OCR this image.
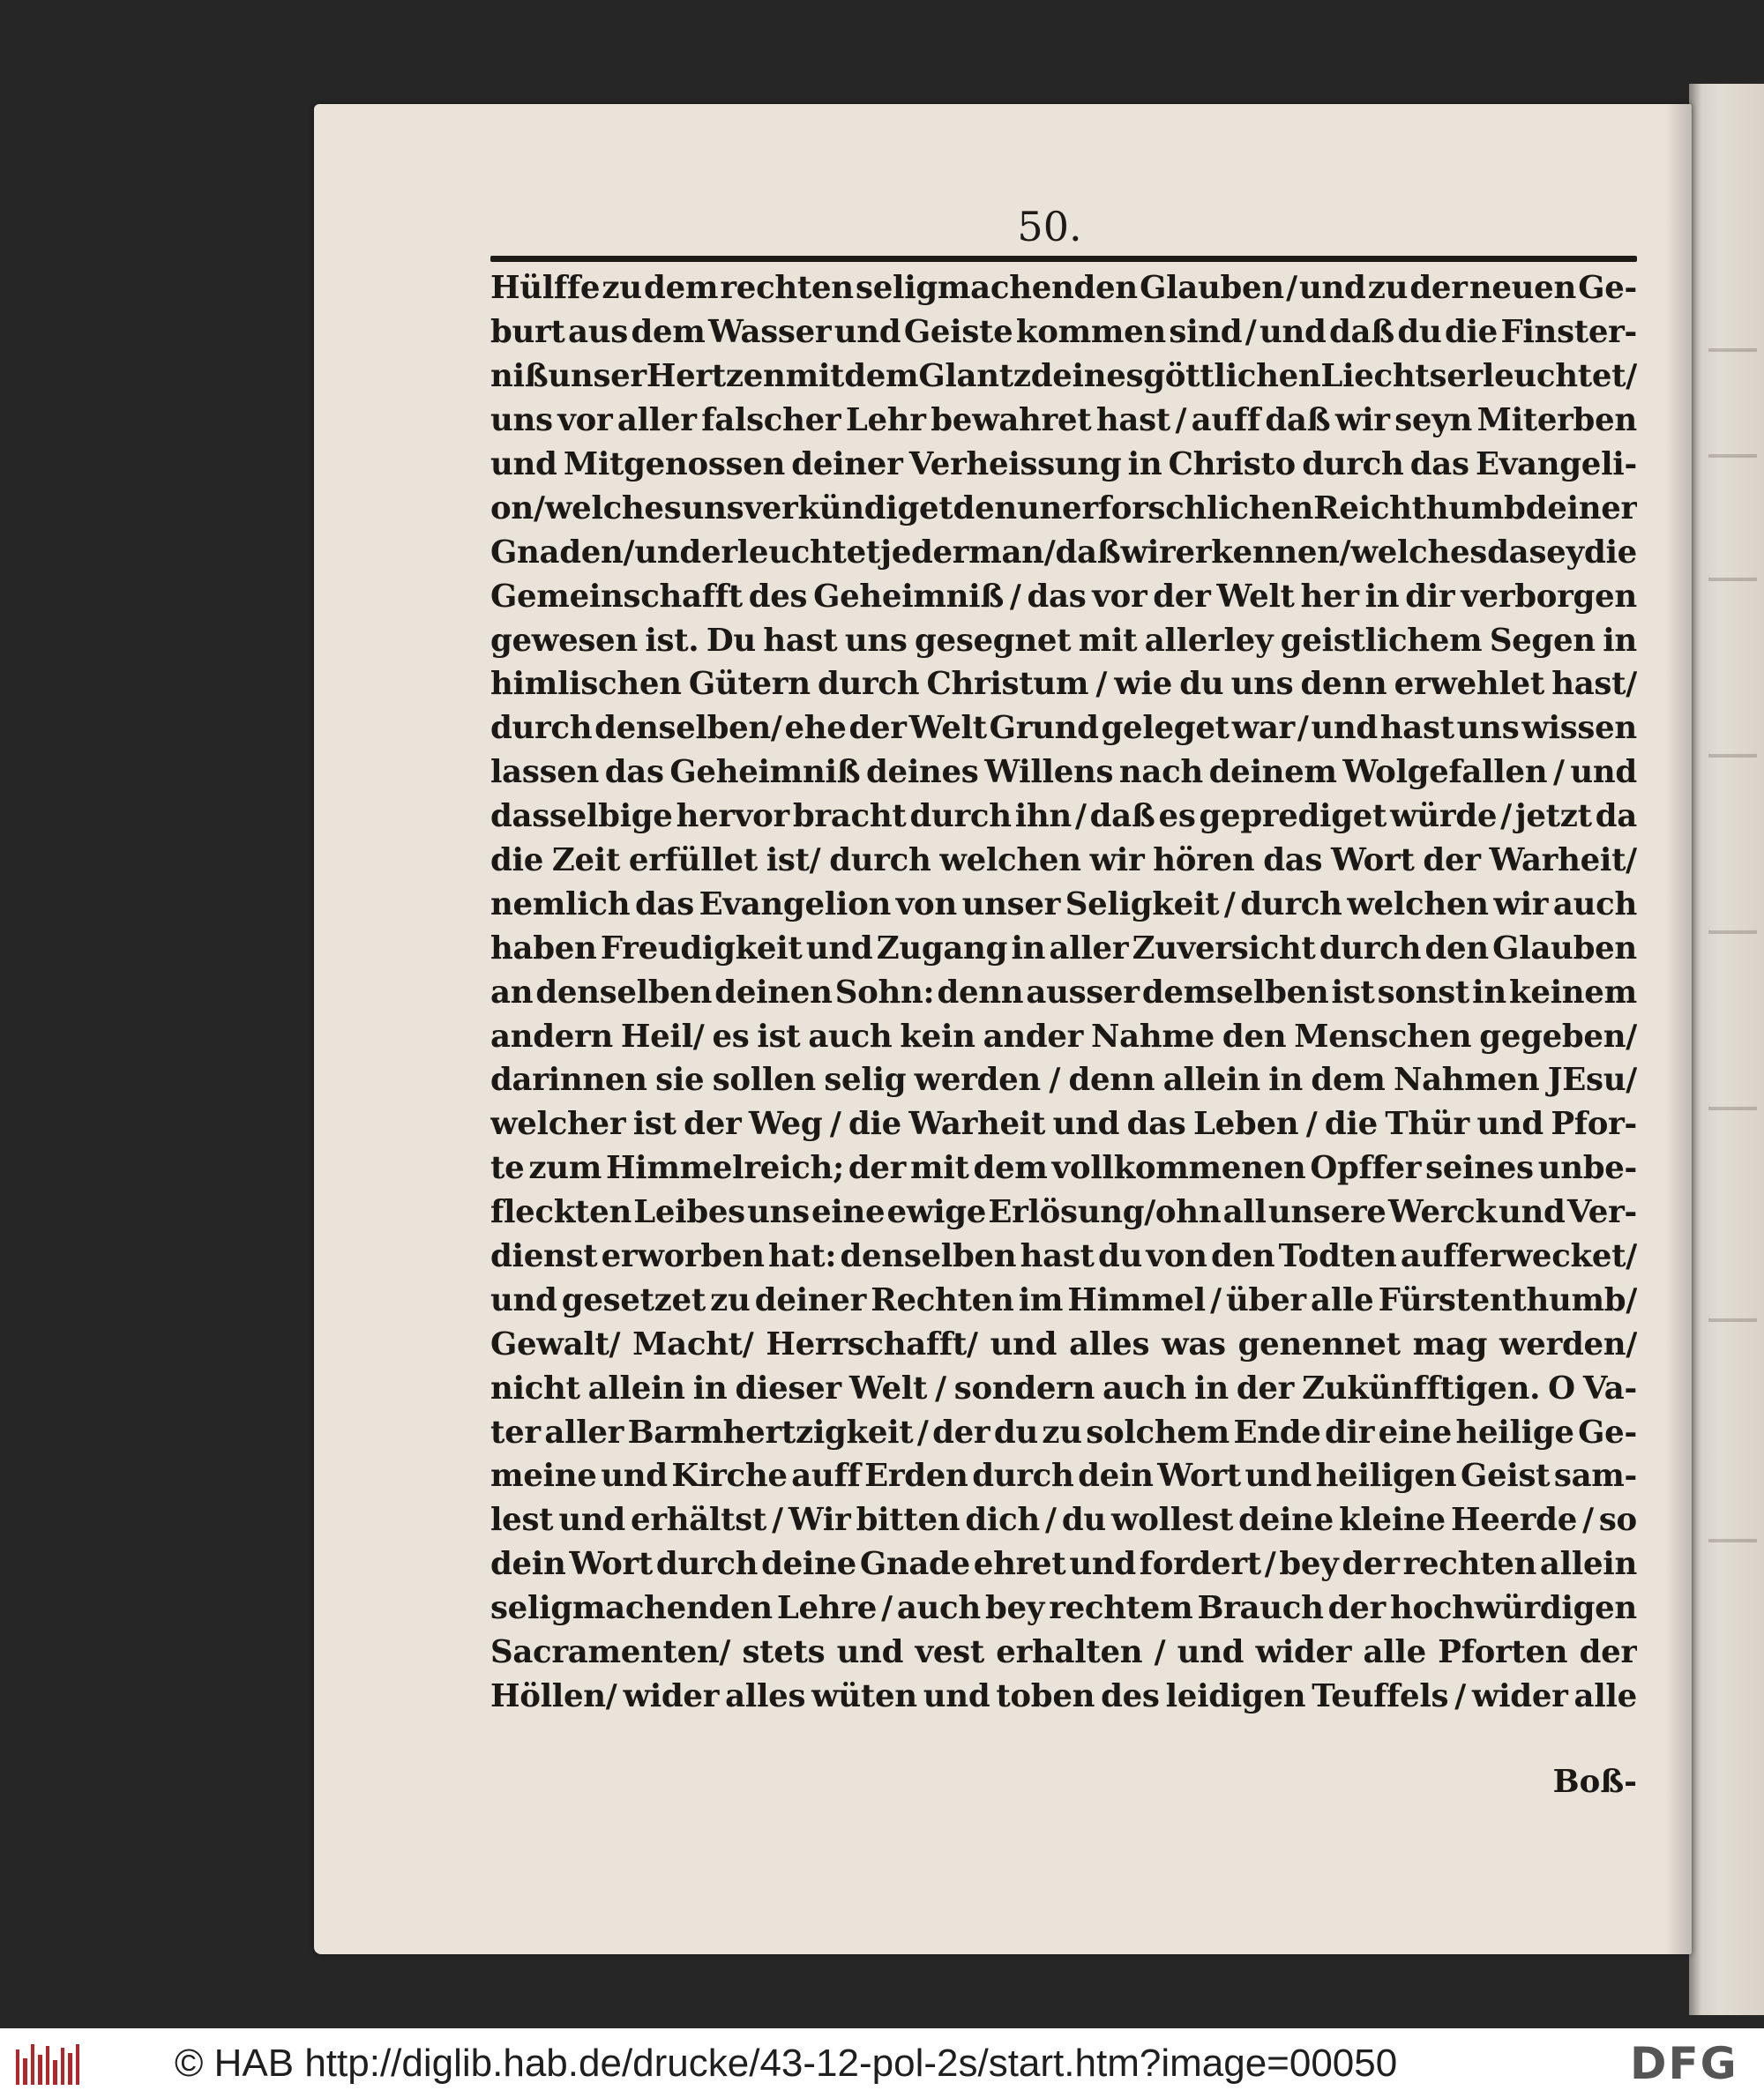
50.
Hülffe zu dem rechten seligmachenden Glauben / und zu der neuen Ge-
burt aus dem Wasser und Geiste kommen sind / und daß du die Finster-
niß unser Hertzen mit dem Glantz deines göttlichen Liechts erleuchtet/
uns vor aller falscher Lehr bewahret hast / auff daß wir seyn Miterben
und Mitgenossen deiner Verheissung in Christo durch das Evangeli-
on / welches uns verkündiget den unerforschlichen Reichthumb deiner
Gnaden/ und erleuchtet jederman/ daß wir erkennen/ welches da sey die
Gemeinschafft des Geheimniß / das vor der Welt her in dir verborgen
gewesen ist. Du hast uns gesegnet mit allerley geistlichem Segen in
himlischen Gütern durch Christum / wie du uns denn erwehlet hast/
durch denselben/ ehe der Welt Grund geleget war / und hast uns wissen
lassen das Geheimniß deines Willens nach deinem Wolgefallen / und
dasselbige hervor bracht durch ihn / daß es geprediget würde / jetzt da
die Zeit erfüllet ist/ durch welchen wir hören das Wort der Warheit/
nemlich das Evangelion von unser Seligkeit / durch welchen wir auch
haben Freudigkeit und Zugang in aller Zuversicht durch den Glauben
an denselben deinen Sohn: denn ausser demselben ist sonst in keinem
andern Heil/ es ist auch kein ander Nahme den Menschen gegeben/
darinnen sie sollen selig werden / denn allein in dem Nahmen JEsu/
welcher ist der Weg / die Warheit und das Leben / die Thür und Pfor-
te zum Himmelreich; der mit dem vollkommenen Opffer seines unbe-
fleckten Leibes uns eine ewige Erlösung/ohn all unsere Werck und Ver-
dienst erworben hat: denselben hast du von den Todten aufferwecket/
und gesetzet zu deiner Rechten im Himmel / über alle Fürstenthumb/
Gewalt/ Macht/ Herrschafft/ und alles was genennet mag werden/
nicht allein in dieser Welt / sondern auch in der Zukünfftigen. O Va-
ter aller Barmhertzigkeit / der du zu solchem Ende dir eine heilige Ge-
meine und Kirche auff Erden durch dein Wort und heiligen Geist sam-
lest und erhältst / Wir bitten dich / du wollest deine kleine Heerde / so
dein Wort durch deine Gnade ehret und fordert / bey der rechten allein
seligmachenden Lehre / auch bey rechtem Brauch der hochwürdigen
Sacramenten/ stets und vest erhalten / und wider alle Pforten der
Höllen/ wider alles wüten und toben des leidigen Teuffels / wider alle
Boß-
© HAB http://diglib.hab.de/drucke/43-12-pol-2s/start.htm?image=00050	DFG
